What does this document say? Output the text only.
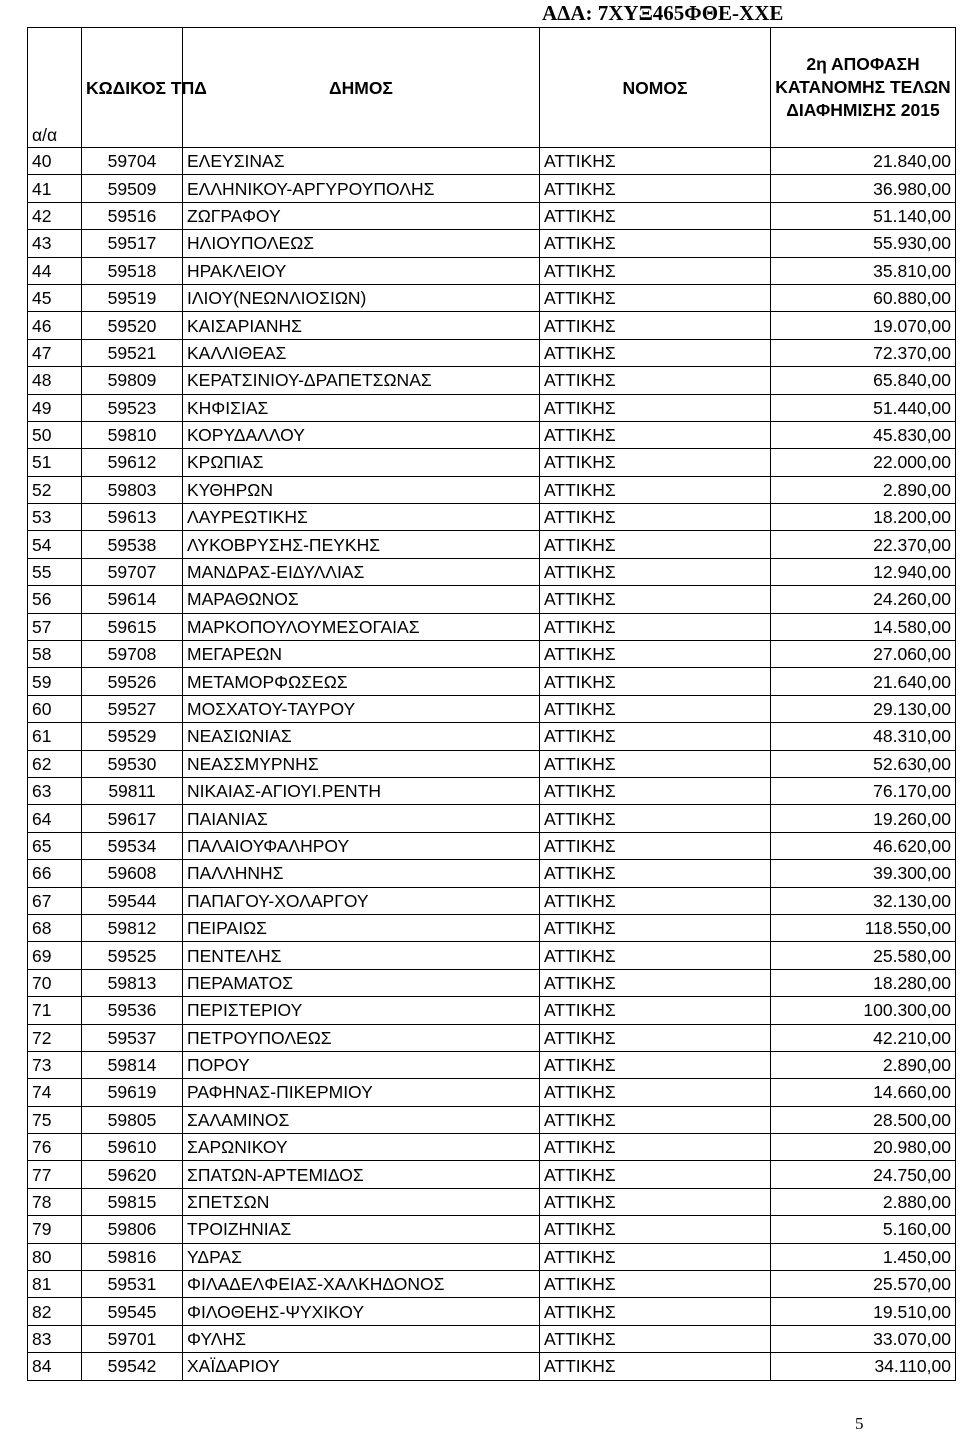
ΑΔΑ: 7ΧΥΞ465ΦΘΕ-ΧΧΕ
α/α	ΚΩΔΙΚΟΣ ΤΠΔ	ΔΗΜΟΣ	ΝΟΜΟΣ	2η ΑΠΟΦΑΣΗ ΚΑΤΑΝΟΜΗΣ ΤΕΛΩΝ ΔΙΑΦΗΜΙΣΗΣ 2015
40	59704	ΕΛΕΥΣΙΝΑΣ	ΑΤΤΙΚΗΣ	21.840,00
41	59509	ΕΛΛΗΝΙΚΟΥ-ΑΡΓΥΡΟΥΠΟΛΗΣ	ΑΤΤΙΚΗΣ	36.980,00
42	59516	ΖΩΓΡΑΦΟΥ	ΑΤΤΙΚΗΣ	51.140,00
43	59517	ΗΛΙΟΥΠΟΛΕΩΣ	ΑΤΤΙΚΗΣ	55.930,00
44	59518	ΗΡΑΚΛΕΙΟΥ	ΑΤΤΙΚΗΣ	35.810,00
45	59519	ΙΛΙΟΥ(ΝΕΩΝΛΙΟΣΙΩΝ)	ΑΤΤΙΚΗΣ	60.880,00
46	59520	ΚΑΙΣΑΡΙΑΝΗΣ	ΑΤΤΙΚΗΣ	19.070,00
47	59521	ΚΑΛΛΙΘΕΑΣ	ΑΤΤΙΚΗΣ	72.370,00
48	59809	ΚΕΡΑΤΣΙΝΙΟΥ-ΔΡΑΠΕΤΣΩΝΑΣ	ΑΤΤΙΚΗΣ	65.840,00
49	59523	ΚΗΦΙΣΙΑΣ	ΑΤΤΙΚΗΣ	51.440,00
50	59810	ΚΟΡΥΔΑΛΛΟΥ	ΑΤΤΙΚΗΣ	45.830,00
51	59612	ΚΡΩΠΙΑΣ	ΑΤΤΙΚΗΣ	22.000,00
52	59803	ΚΥΘΗΡΩΝ	ΑΤΤΙΚΗΣ	2.890,00
53	59613	ΛΑΥΡΕΩΤΙΚΗΣ	ΑΤΤΙΚΗΣ	18.200,00
54	59538	ΛΥΚΟΒΡΥΣΗΣ-ΠΕΥΚΗΣ	ΑΤΤΙΚΗΣ	22.370,00
55	59707	ΜΑΝΔΡΑΣ-ΕΙΔΥΛΛΙΑΣ	ΑΤΤΙΚΗΣ	12.940,00
56	59614	ΜΑΡΑΘΩΝΟΣ	ΑΤΤΙΚΗΣ	24.260,00
57	59615	ΜΑΡΚΟΠΟΥΛΟΥΜΕΣΟΓΑΙΑΣ	ΑΤΤΙΚΗΣ	14.580,00
58	59708	ΜΕΓΑΡΕΩΝ	ΑΤΤΙΚΗΣ	27.060,00
59	59526	ΜΕΤΑΜΟΡΦΩΣΕΩΣ	ΑΤΤΙΚΗΣ	21.640,00
60	59527	ΜΟΣΧΑΤΟΥ-ΤΑΥΡΟΥ	ΑΤΤΙΚΗΣ	29.130,00
61	59529	ΝΕΑΣΙΩΝΙΑΣ	ΑΤΤΙΚΗΣ	48.310,00
62	59530	ΝΕΑΣΣΜΥΡΝΗΣ	ΑΤΤΙΚΗΣ	52.630,00
63	59811	ΝΙΚΑΙΑΣ-ΑΓΙΟΥΙ.ΡΕΝΤΗ	ΑΤΤΙΚΗΣ	76.170,00
64	59617	ΠΑΙΑΝΙΑΣ	ΑΤΤΙΚΗΣ	19.260,00
65	59534	ΠΑΛΑΙΟΥΦΑΛΗΡΟΥ	ΑΤΤΙΚΗΣ	46.620,00
66	59608	ΠΑΛΛΗΝΗΣ	ΑΤΤΙΚΗΣ	39.300,00
67	59544	ΠΑΠΑΓΟΥ-ΧΟΛΑΡΓΟΥ	ΑΤΤΙΚΗΣ	32.130,00
68	59812	ΠΕΙΡΑΙΩΣ	ΑΤΤΙΚΗΣ	118.550,00
69	59525	ΠΕΝΤΕΛΗΣ	ΑΤΤΙΚΗΣ	25.580,00
70	59813	ΠΕΡΑΜΑΤΟΣ	ΑΤΤΙΚΗΣ	18.280,00
71	59536	ΠΕΡΙΣΤΕΡΙΟΥ	ΑΤΤΙΚΗΣ	100.300,00
72	59537	ΠΕΤΡΟΥΠΟΛΕΩΣ	ΑΤΤΙΚΗΣ	42.210,00
73	59814	ΠΟΡΟΥ	ΑΤΤΙΚΗΣ	2.890,00
74	59619	ΡΑΦΗΝΑΣ-ΠΙΚΕΡΜΙΟΥ	ΑΤΤΙΚΗΣ	14.660,00
75	59805	ΣΑΛΑΜΙΝΟΣ	ΑΤΤΙΚΗΣ	28.500,00
76	59610	ΣΑΡΩΝΙΚΟΥ	ΑΤΤΙΚΗΣ	20.980,00
77	59620	ΣΠΑΤΩΝ-ΑΡΤΕΜΙΔΟΣ	ΑΤΤΙΚΗΣ	24.750,00
78	59815	ΣΠΕΤΣΩΝ	ΑΤΤΙΚΗΣ	2.880,00
79	59806	ΤΡΟΙΖΗΝΙΑΣ	ΑΤΤΙΚΗΣ	5.160,00
80	59816	ΥΔΡΑΣ	ΑΤΤΙΚΗΣ	1.450,00
81	59531	ΦΙΛΑΔΕΛΦΕΙΑΣ-ΧΑΛΚΗΔΟΝΟΣ	ΑΤΤΙΚΗΣ	25.570,00
82	59545	ΦΙΛΟΘΕΗΣ-ΨΥΧΙΚΟΥ	ΑΤΤΙΚΗΣ	19.510,00
83	59701	ΦΥΛΗΣ	ΑΤΤΙΚΗΣ	33.070,00
84	59542	ΧΑΪΔΑΡΙΟΥ	ΑΤΤΙΚΗΣ	34.110,00
5
